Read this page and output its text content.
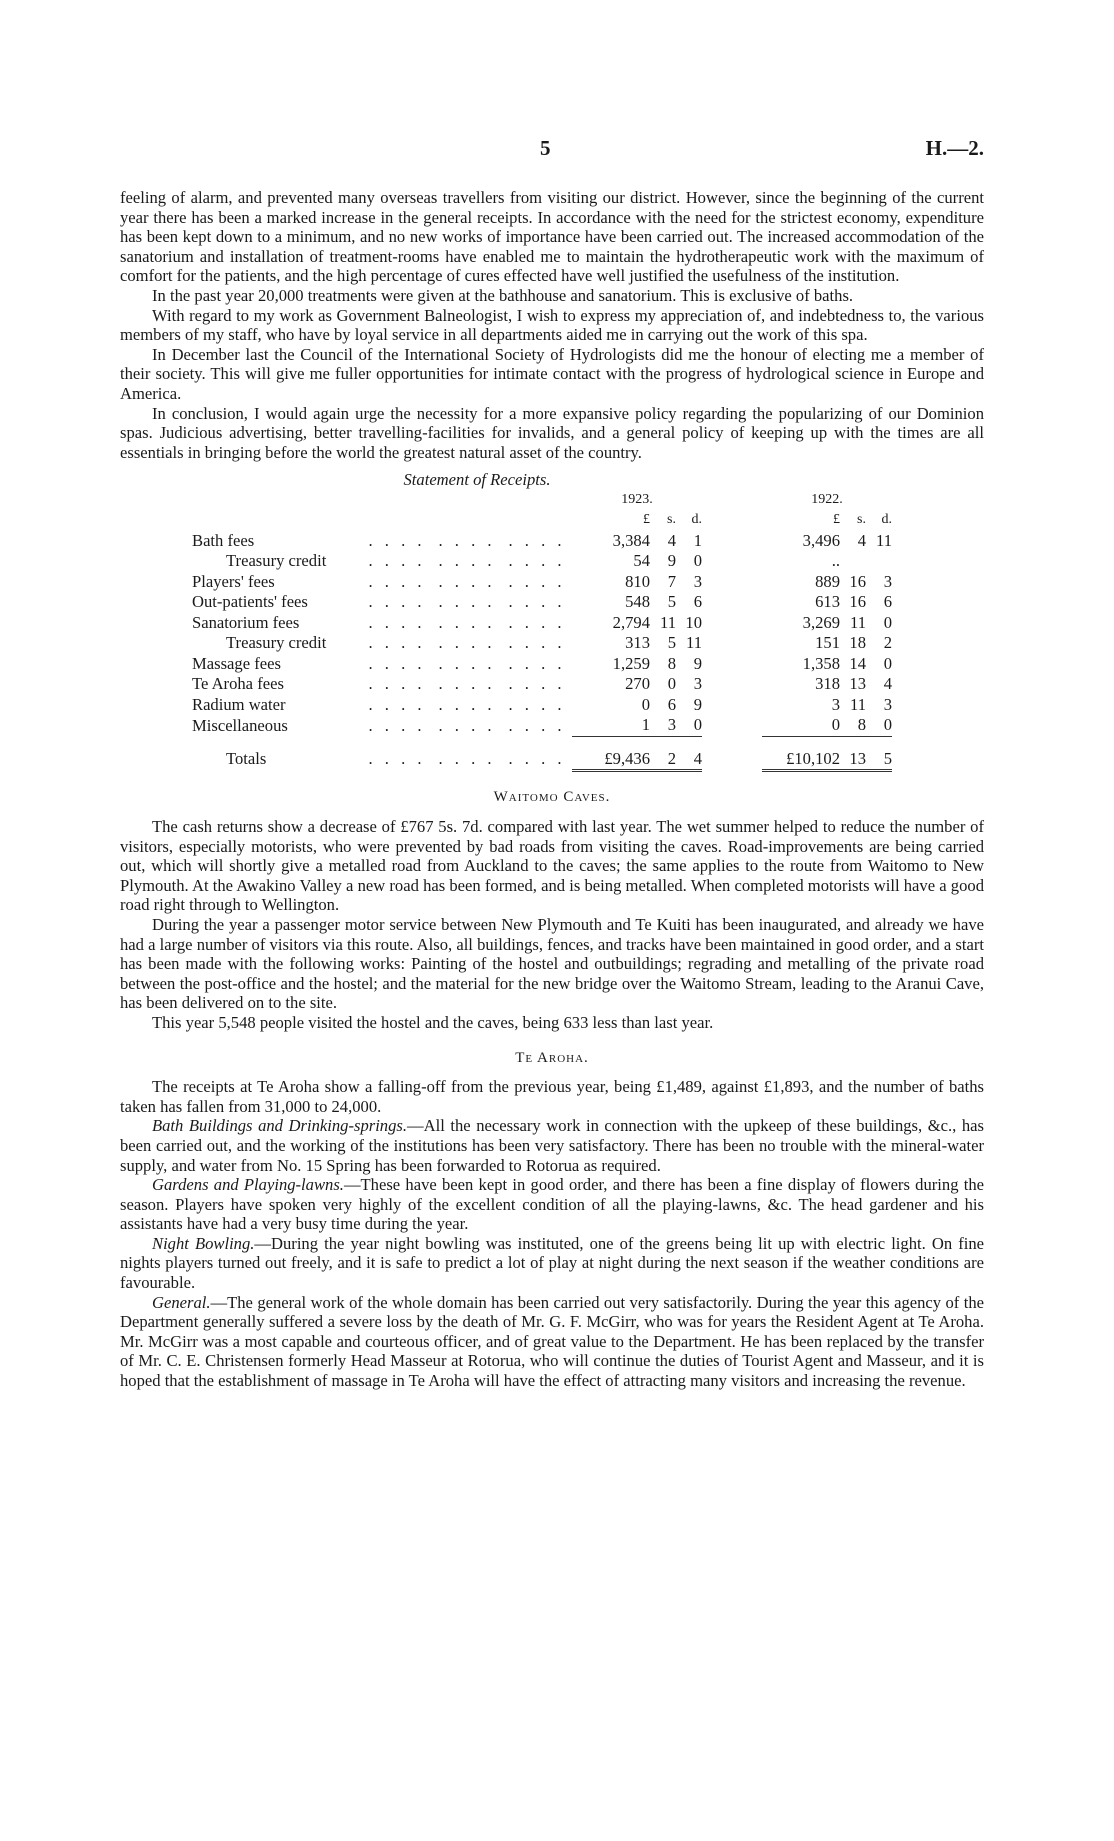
5	H.—2.

feeling of alarm, and prevented many overseas travellers from visiting our district. However, since the beginning of the current year there has been a marked increase in the general receipts. In accordance with the need for the strictest economy, expenditure has been kept down to a minimum, and no new works of importance have been carried out. The increased accommodation of the sanatorium and installation of treatment-rooms have enabled me to maintain the hydrotherapeutic work with the maximum of comfort for the patients, and the high percentage of cures effected have well justified the usefulness of the institution.

In the past year 20,000 treatments were given at the bathhouse and sanatorium. This is exclusive of baths.

With regard to my work as Government Balneologist, I wish to express my appreciation of, and indebtedness to, the various members of my staff, who have by loyal service in all departments aided me in carrying out the work of this spa.

In December last the Council of the International Society of Hydrologists did me the honour of electing me a member of their society. This will give me fuller opportunities for intimate contact with the progress of hydrological science in Europe and America.

In conclusion, I would again urge the necessity for a more expansive policy regarding the popularizing of our Dominion spas. Judicious advertising, better travelling-facilities for invalids, and a general policy of keeping up with the times are all essentials in bringing before the world the greatest natural asset of the country.

Statement of Receipts.
				1923.				1922.		
				£	s.	d.		£	s.	d.
Bath fees	. . . .	. . . .	. . . .	3,384	4	1		3,496	4	11
Treasury credit	. . . .	. . . .	. . . .	54	9	0		..		
Players' fees	. . . .	. . . .	. . . .	810	7	3		889	16	3
Out-patients' fees	. . . .	. . . .	. . . .	548	5	6		613	16	6
Sanatorium fees	. . . .	. . . .	. . . .	2,794	11	10		3,269	11	0
Treasury credit	. . . .	. . . .	. . . .	313	5	11		151	18	2
Massage fees	. . . .	. . . .	. . . .	1,259	8	9		1,358	14	0
Te Aroha fees	. . . .	. . . .	. . . .	270	0	3		318	13	4
Radium water	. . . .	. . . .	. . . .	0	6	9		3	11	3
Miscellaneous	. . . .	. . . .	. . . .	1	3	0		0	8	0
Totals	. . . .	. . . .	. . . .	£9,436	2	4		£10,102	13	5
Waitomo Caves.

The cash returns show a decrease of £767 5s. 7d. compared with last year. The wet summer helped to reduce the number of visitors, especially motorists, who were prevented by bad roads from visiting the caves. Road-improvements are being carried out, which will shortly give a metalled road from Auckland to the caves; the same applies to the route from Waitomo to New Plymouth. At the Awakino Valley a new road has been formed, and is being metalled. When completed motorists will have a good road right through to Wellington.

During the year a passenger motor service between New Plymouth and Te Kuiti has been inaugurated, and already we have had a large number of visitors via this route. Also, all buildings, fences, and tracks have been maintained in good order, and a start has been made with the following works: Painting of the hostel and outbuildings; regrading and metalling of the private road between the post-office and the hostel; and the material for the new bridge over the Waitomo Stream, leading to the Aranui Cave, has been delivered on to the site.

This year 5,548 people visited the hostel and the caves, being 633 less than last year.

Te Aroha.

The receipts at Te Aroha show a falling-off from the previous year, being £1,489, against £1,893, and the number of baths taken has fallen from 31,000 to 24,000.

Bath Buildings and Drinking-springs.—All the necessary work in connection with the upkeep of these buildings, &c., has been carried out, and the working of the institutions has been very satisfactory. There has been no trouble with the mineral-water supply, and water from No. 15 Spring has been forwarded to Rotorua as required.

Gardens and Playing-lawns.—These have been kept in good order, and there has been a fine display of flowers during the season. Players have spoken very highly of the excellent condition of all the playing-lawns, &c. The head gardener and his assistants have had a very busy time during the year.

Night Bowling.—During the year night bowling was instituted, one of the greens being lit up with electric light. On fine nights players turned out freely, and it is safe to predict a lot of play at night during the next season if the weather conditions are favourable.

General.—The general work of the whole domain has been carried out very satisfactorily. During the year this agency of the Department generally suffered a severe loss by the death of Mr. G. F. McGirr, who was for years the Resident Agent at Te Aroha. Mr. McGirr was a most capable and courteous officer, and of great value to the Department. He has been replaced by the transfer of Mr. C. E. Christensen formerly Head Masseur at Rotorua, who will continue the duties of Tourist Agent and Masseur, and it is hoped that the establishment of massage in Te Aroha will have the effect of attracting many visitors and increasing the revenue.
